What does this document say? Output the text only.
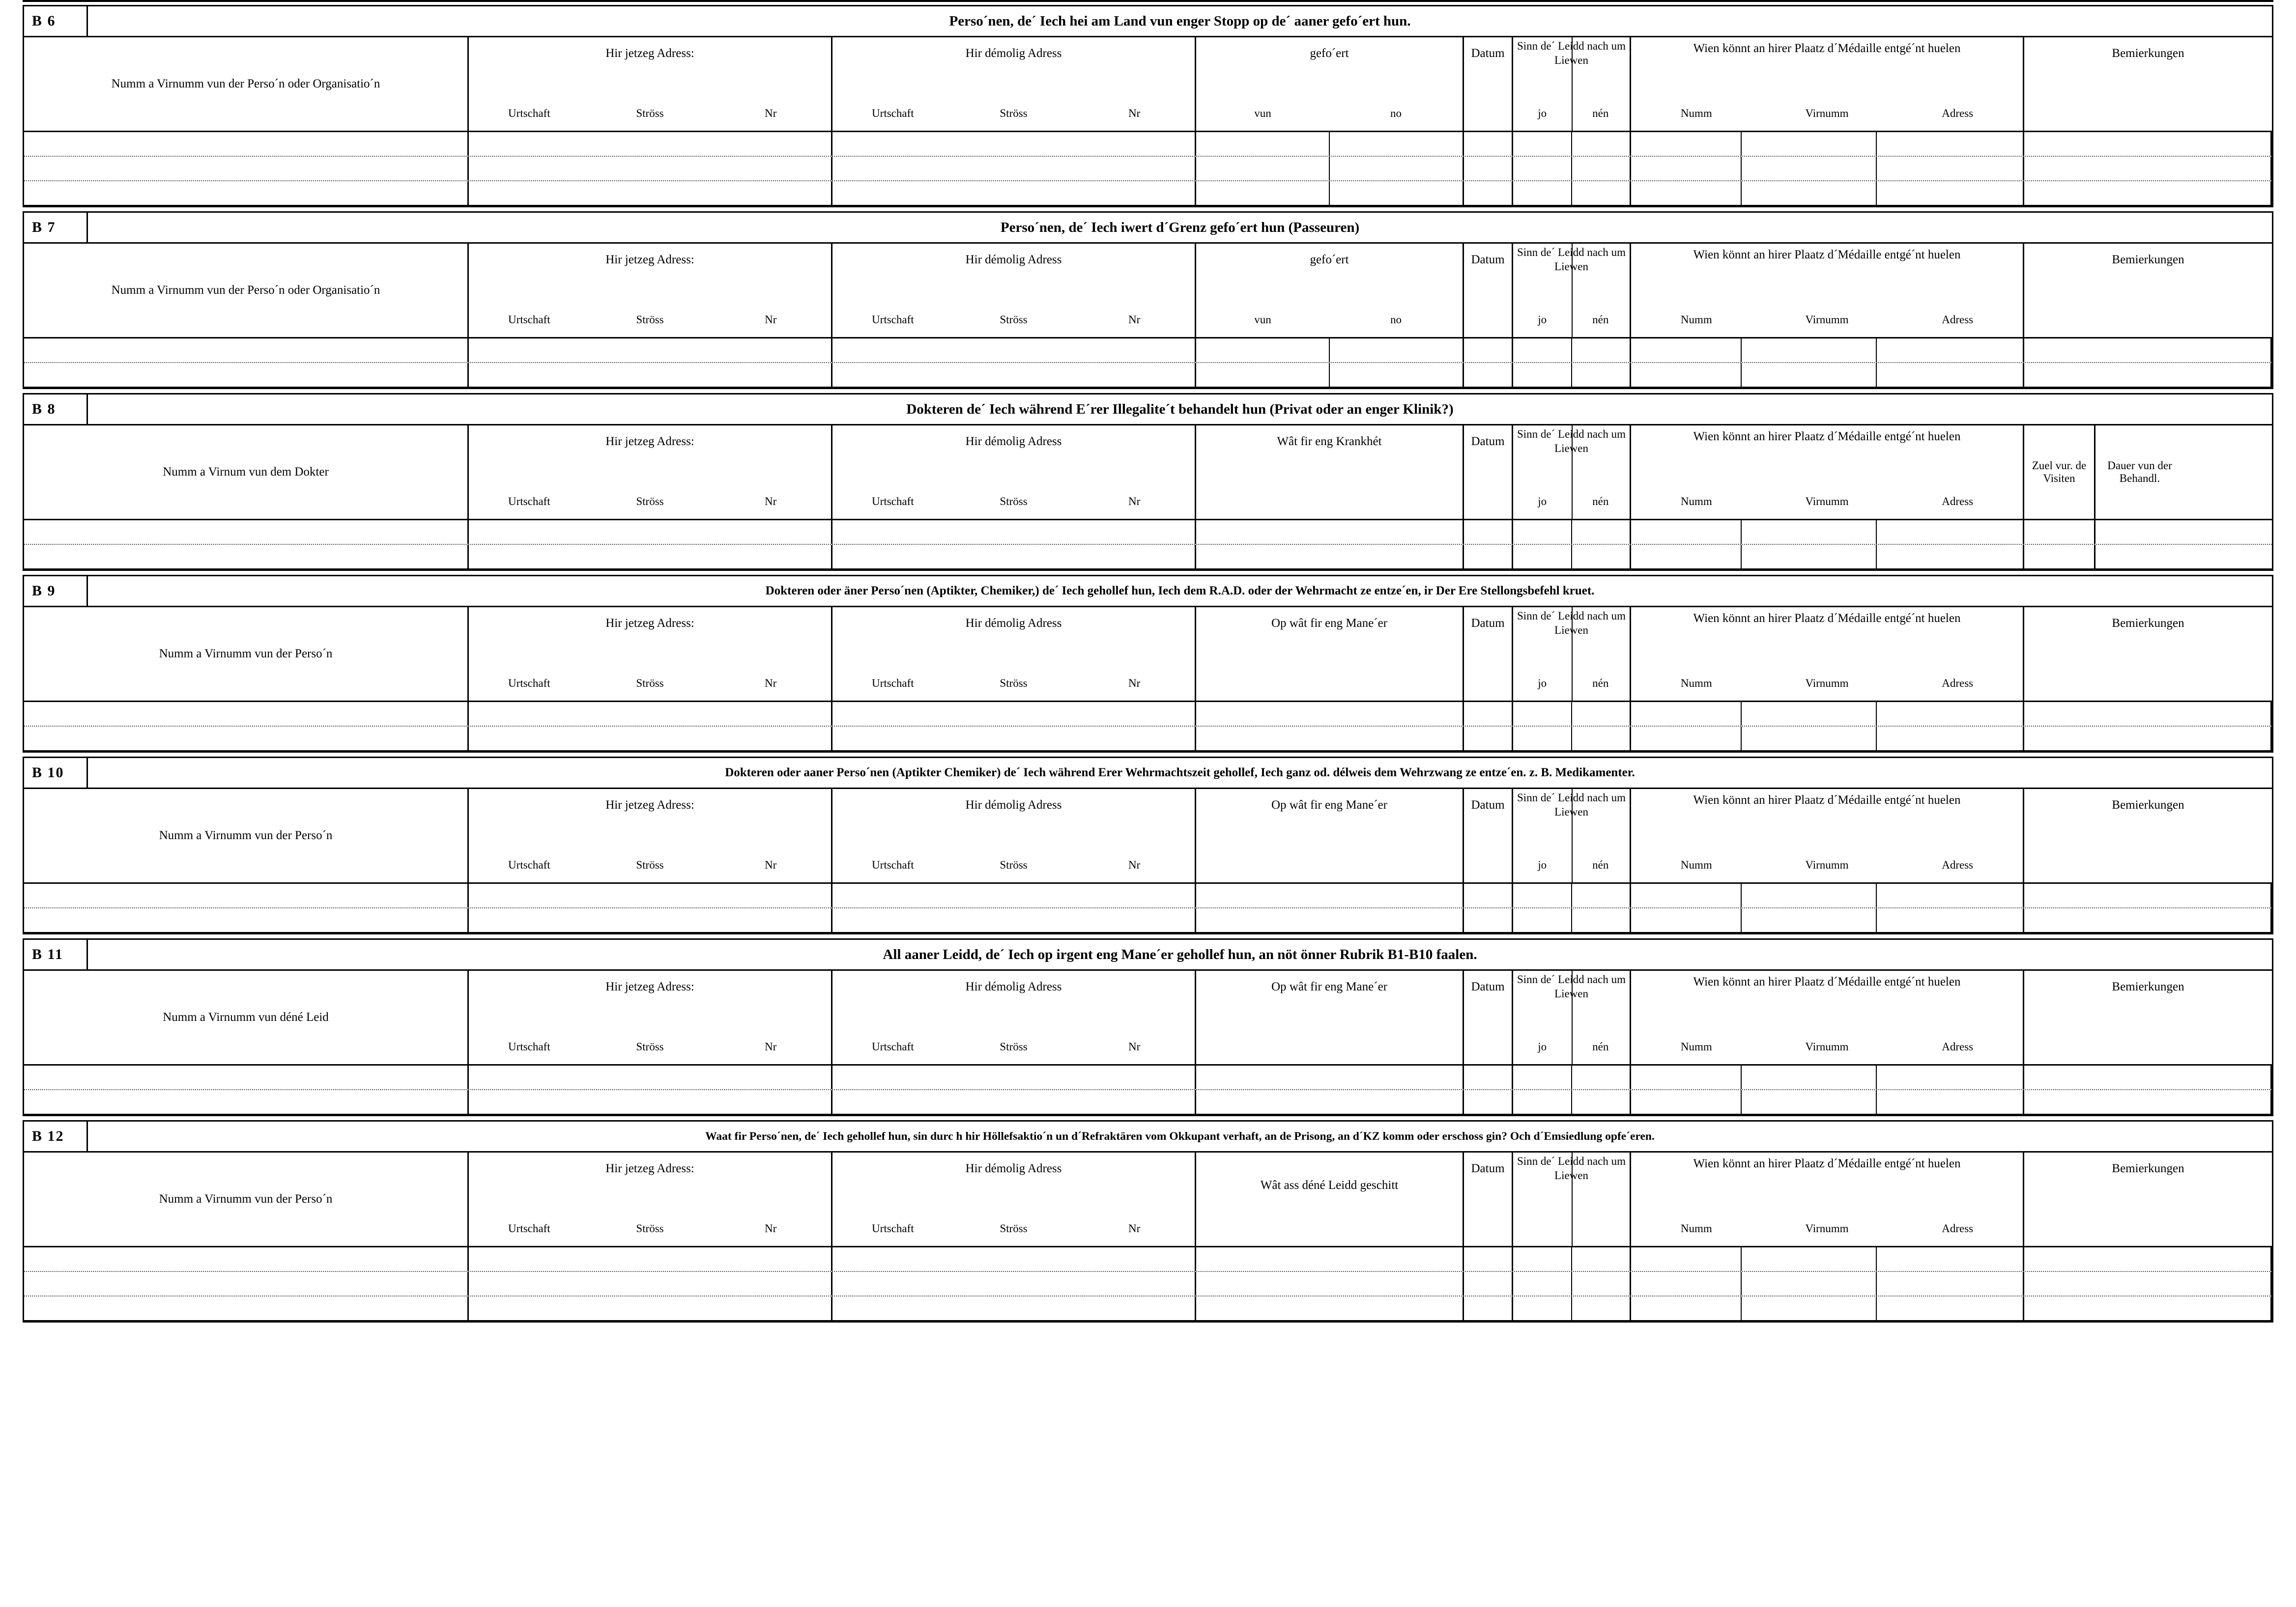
B 6	Perso´nen, de´ Iech hei am Land vun enger Stopp op de´ aaner gefo´ert hun.
Numm a Virnumm vun der Perso´n oder Organisatio´n
Hir jetzeg Adress:
Urtschaft	Ströss	Nr
Hir démolig Adress
Urtschaft	Ströss	Nr
gefo´ert
vun	no
Datum
Sinn de´ Leidd nach um Liewen
jo	nén
Wien könnt an hirer Plaatz d´Médaille entgé´nt huelen
Numm	Virnumm	Adress
Bemierkungen
B 7	Perso´nen, de´ Iech iwert d´Grenz gefo´ert hun (Passeuren)
Numm a Virnumm vun der Perso´n oder Organisatio´n
Hir jetzeg Adress:
Urtschaft	Ströss	Nr
Hir démolig Adress
Urtschaft	Ströss	Nr
gefo´ert
vun	no
Datum
Sinn de´ Leidd nach um Liewen
jo	nén
Wien könnt an hirer Plaatz d´Médaille entgé´nt huelen
Numm	Virnumm	Adress
Bemierkungen
B 8	Dokteren de´ Iech während E´rer Illegalite´t behandelt hun (Privat oder an enger Klinik?)
Numm a Virnum vun dem Dokter
Hir jetzeg Adress:
Urtschaft	Ströss	Nr
Hir démolig Adress
Urtschaft	Ströss	Nr
Wât fir eng Krankhét	Datum
Sinn de´ Leidd nach um Liewen
jo	nén
Wien könnt an hirer Plaatz d´Médaille entgé´nt huelen
Numm	Virnumm	Adress
Zuel vur. de Visiten
Dauer vun der Behandl.
B 9	Dokteren oder äner Perso´nen (Aptikter, Chemiker,) de´ Iech gehollef hun, Iech dem R.A.D. oder der Wehrmacht ze entze´en, ir Der Ere Stellongsbefehl kruet.
Numm a Virnumm vun der Perso´n
Hir jetzeg Adress:
Urtschaft	Ströss	Nr
Hir démolig Adress
Urtschaft	Ströss	Nr
Op wât fir eng Mane´er	Datum
Sinn de´ Leidd nach um Liewen
jo	nén
Wien könnt an hirer Plaatz d´Médaille entgé´nt huelen
Numm	Virnumm	Adress
Bemierkungen
B 10	Dokteren oder aaner Perso´nen (Aptikter Chemiker) de´ Iech während Erer Wehrmachtszeit gehollef, Iech ganz od. délweis dem Wehrzwang ze entze´en. z. B. Medikamenter.
Numm a Virnumm vun der Perso´n
Hir jetzeg Adress:
Urtschaft	Ströss	Nr
Hir démolig Adress
Urtschaft	Ströss	Nr
Op wât fir eng Mane´er	Datum
Sinn de´ Leidd nach um Liewen
jo	nén
Wien könnt an hirer Plaatz d´Médaille entgé´nt huelen
Numm	Virnumm	Adress
Bemierkungen
B 11	All aaner Leidd, de´ Iech op irgent eng Mane´er gehollef hun, an nöt önner Rubrik B1-B10 faalen.
Numm a Virnumm vun déné Leid
Hir jetzeg Adress:
Urtschaft	Ströss	Nr
Hir démolig Adress
Urtschaft	Ströss	Nr
Op wât fir eng Mane´er	Datum
Sinn de´ Leidd nach um Liewen
jo	nén
Wien könnt an hirer Plaatz d´Médaille entgé´nt huelen
Numm	Virnumm	Adress
Bemierkungen
B 12	Waat fir Perso´nen, de´ Iech gehollef hun, sin durc h hir Höllefsaktio´n un d´Refraktären vom Okkupant verhaft, an de Prisong, an d´KZ komm oder erschoss gin? Och d´Emsiedlung opfe´eren.
Numm a Virnumm vun der Perso´n
Hir jetzeg Adress:
Urtschaft	Ströss	Nr
Hir démolig Adress
Urtschaft	Ströss	Nr
Wât ass déné Leidd geschitt
Datum
Sinn de´ Leidd nach um Liewen
Wien könnt an hirer Plaatz d´Médaille entgé´nt huelen
Numm	Virnumm	Adress
Bemierkungen
